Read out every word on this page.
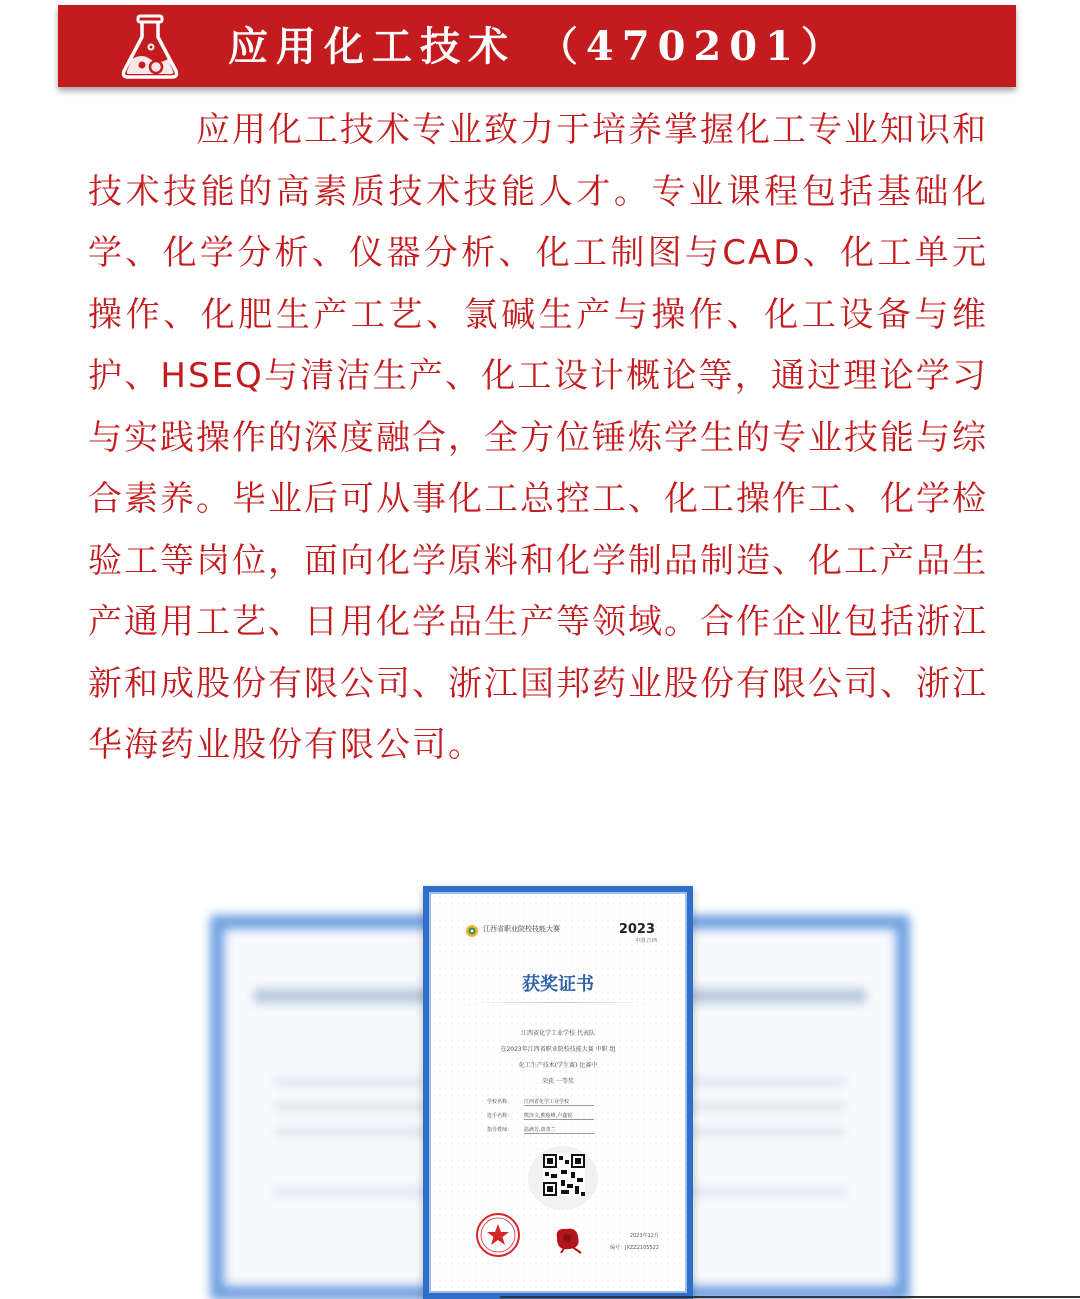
应用化工技术 （470201）

应用化工技术专业致力于培养掌握化工专业知识和技术技能的高素质技术技能人才。专业课程包括基础化学、化学分析、仪器分析、化工制图与CAD、化工单元操作、化肥生产工艺、氯碱生产与操作、化工设备与维护、HSEQ与清洁生产、化工设计概论等，通过理论学习与实践操作的深度融合，全方位锤炼学生的专业技能与综合素养。毕业后可从事化工总控工、化工操作工、化学检验工等岗位，面向化学原料和化学制品制造、化工产品生产通用工艺、日用化学品生产等领域。合作企业包括浙江新和成股份有限公司、浙江国邦药业股份有限公司、浙江华海药业股份有限公司。

江西省职业院校技能大赛	2023
中国 江西
获奖证书
江西省化学工业学校 代表队
在2023年江西省职业院校技能大赛 中职 组
化工生产技术(学生赛) 比赛中
荣获 一等奖
学校名称： 江西省化学工业学校
选手名称： 熊泽文,熊俊峰,卢鑫锐
指导教师： 温满芳,唐善兰
2023年12月
编号：JXZZ2105522
